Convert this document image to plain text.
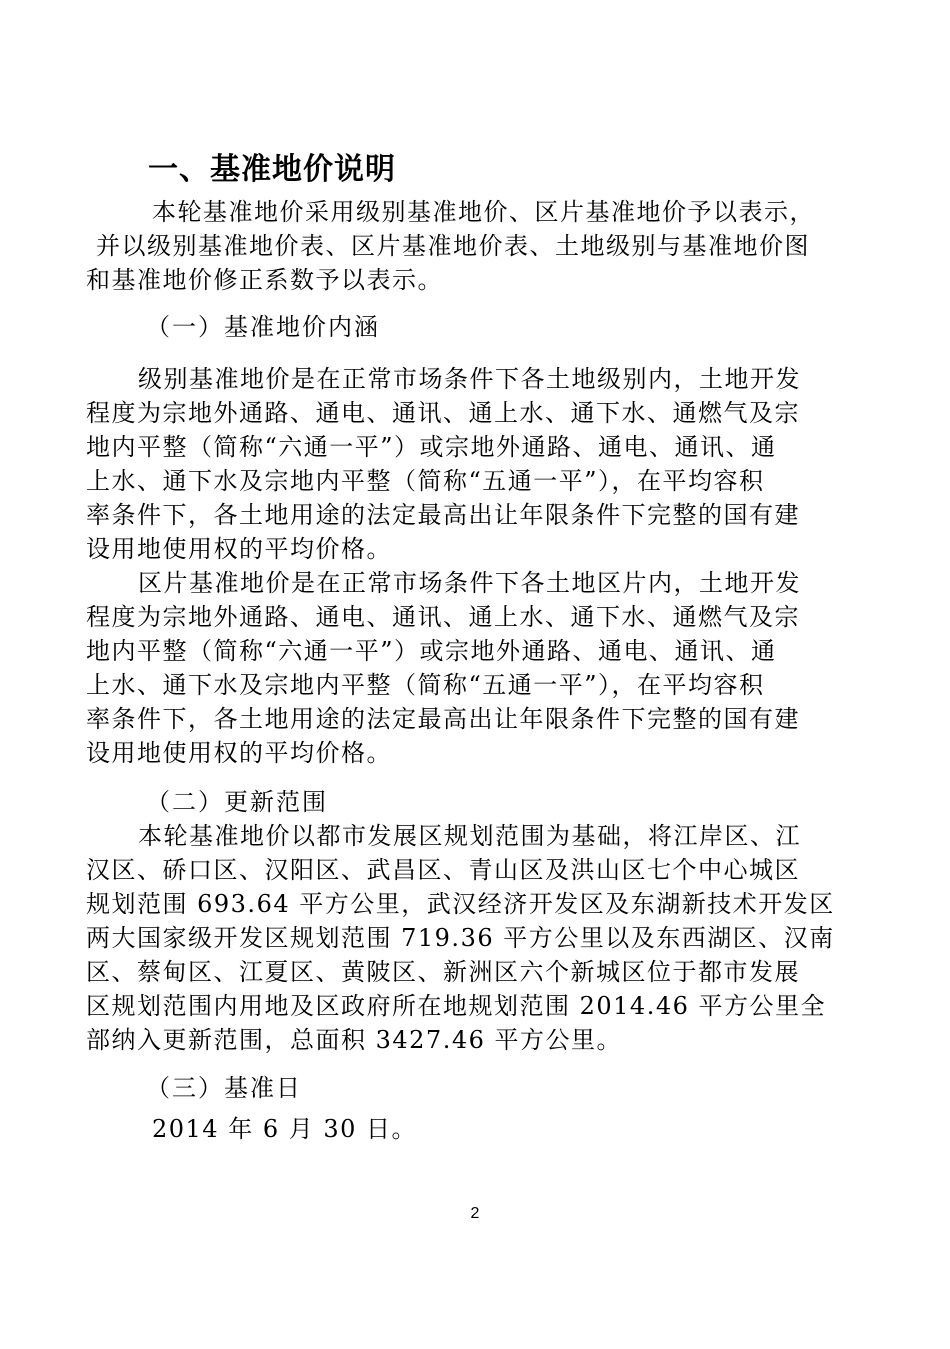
一、基准地价说明
本轮基准地价采用级别基准地价、区片基准地价予以表示，
并以级别基准地价表、区片基准地价表、土地级别与基准地价图
和基准地价修正系数予以表示。
（一）基准地价内涵
级别基准地价是在正常市场条件下各土地级别内，土地开发
程度为宗地外通路、通电、通讯、通上水、通下水、通燃气及宗
地内平整（简称“六通一平”）或宗地外通路、通电、通讯、通
上水、通下水及宗地内平整（简称“五通一平”），在平均容积
率条件下，各土地用途的法定最高出让年限条件下完整的国有建
设用地使用权的平均价格。
区片基准地价是在正常市场条件下各土地区片内，土地开发
程度为宗地外通路、通电、通讯、通上水、通下水、通燃气及宗
地内平整（简称“六通一平”）或宗地外通路、通电、通讯、通
上水、通下水及宗地内平整（简称“五通一平”），在平均容积
率条件下，各土地用途的法定最高出让年限条件下完整的国有建
设用地使用权的平均价格。
（二）更新范围
本轮基准地价以都市发展区规划范围为基础，将江岸区、江
汉区、硚口区、汉阳区、武昌区、青山区及洪山区七个中心城区
规划范围 693.64 平方公里，武汉经济开发区及东湖新技术开发区
两大国家级开发区规划范围 719.36 平方公里以及东西湖区、汉南
区、蔡甸区、江夏区、黄陂区、新洲区六个新城区位于都市发展
区规划范围内用地及区政府所在地规划范围 2014.46 平方公里全
部纳入更新范围，总面积 3427.46 平方公里。
（三）基准日
2014 年 6 月 30 日。
2
